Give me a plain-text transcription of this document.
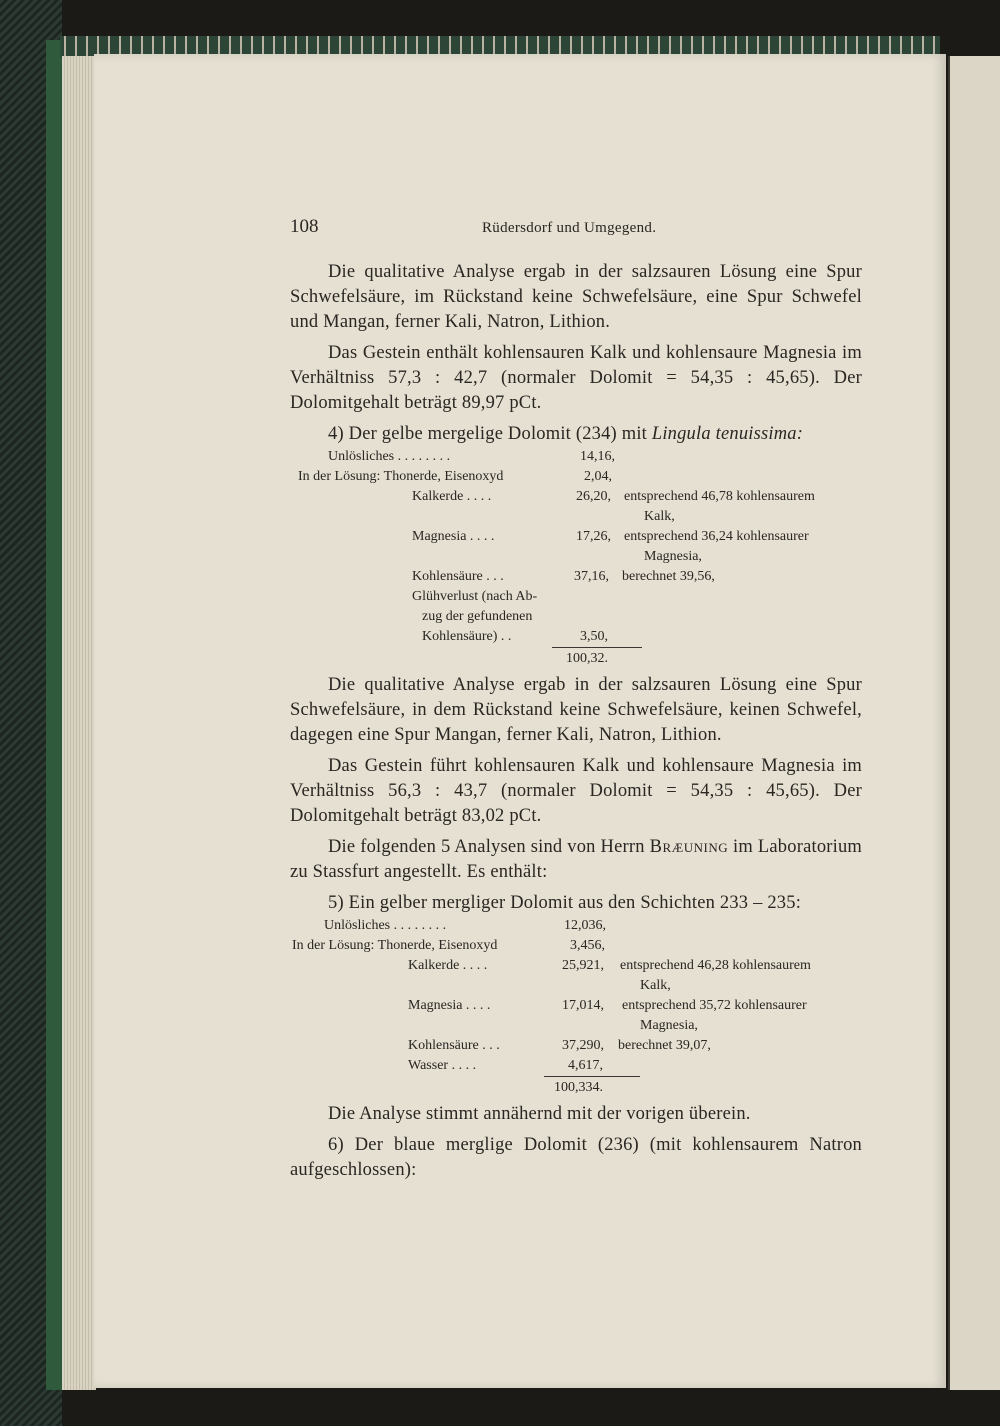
108	Rüdersdorf und Umgegend.

Die qualitative Analyse ergab in der salzsauren Lösung eine Spur Schwefelsäure, im Rückstand keine Schwefelsäure, eine Spur Schwefel und Mangan, ferner Kali, Natron, Lithion.

Das Gestein enthält kohlensauren Kalk und kohlensaure Magnesia im Verhältniss 57,3 : 42,7 (normaler Dolomit = 54,35 : 45,65). Der Dolomitgehalt beträgt 89,97 pCt.

4) Der gelbe mergelige Dolomit (234) mit Lingula tenuissima:

Unlösliches . . . . . . . .	14,16,
In der Lösung: Thonerde, Eisenoxyd	2,04,
Kalkerde . . . .	26,20, entsprechend 46,78 kohlensaurem
Kalk,
Magnesia . . . .	17,26, entsprechend 36,24 kohlensaurer
Magnesia,
Kohlensäure . . .	37,16, berechnet 39,56,
Glühverlust (nach Ab-
zug der gefundenen
Kohlensäure) . .	3,50,
100,32.

Die qualitative Analyse ergab in der salzsauren Lösung eine Spur Schwefelsäure, in dem Rückstand keine Schwefelsäure, keinen Schwefel, dagegen eine Spur Mangan, ferner Kali, Natron, Lithion.

Das Gestein führt kohlensauren Kalk und kohlensaure Magnesia im Verhältniss 56,3 : 43,7 (normaler Dolomit = 54,35 : 45,65). Der Dolomitgehalt beträgt 83,02 pCt.

Die folgenden 5 Analysen sind von Herrn Bræuning im Laboratorium zu Stassfurt angestellt. Es enthält:

5) Ein gelber mergliger Dolomit aus den Schichten 233 – 235:

Unlösliches . . . . . . . .	12,036,
In der Lösung: Thonerde, Eisenoxyd	3,456,
Kalkerde . . . .	25,921, entsprechend 46,28 kohlensaurem
Kalk,
Magnesia . . . .	17,014, entsprechend 35,72 kohlensaurer
Magnesia,
Kohlensäure . . .	37,290, berechnet 39,07,
Wasser . . . .	4,617,
100,334.

Die Analyse stimmt annähernd mit der vorigen überein.

6) Der blaue merglige Dolomit (236) (mit kohlensaurem Natron aufgeschlossen):
